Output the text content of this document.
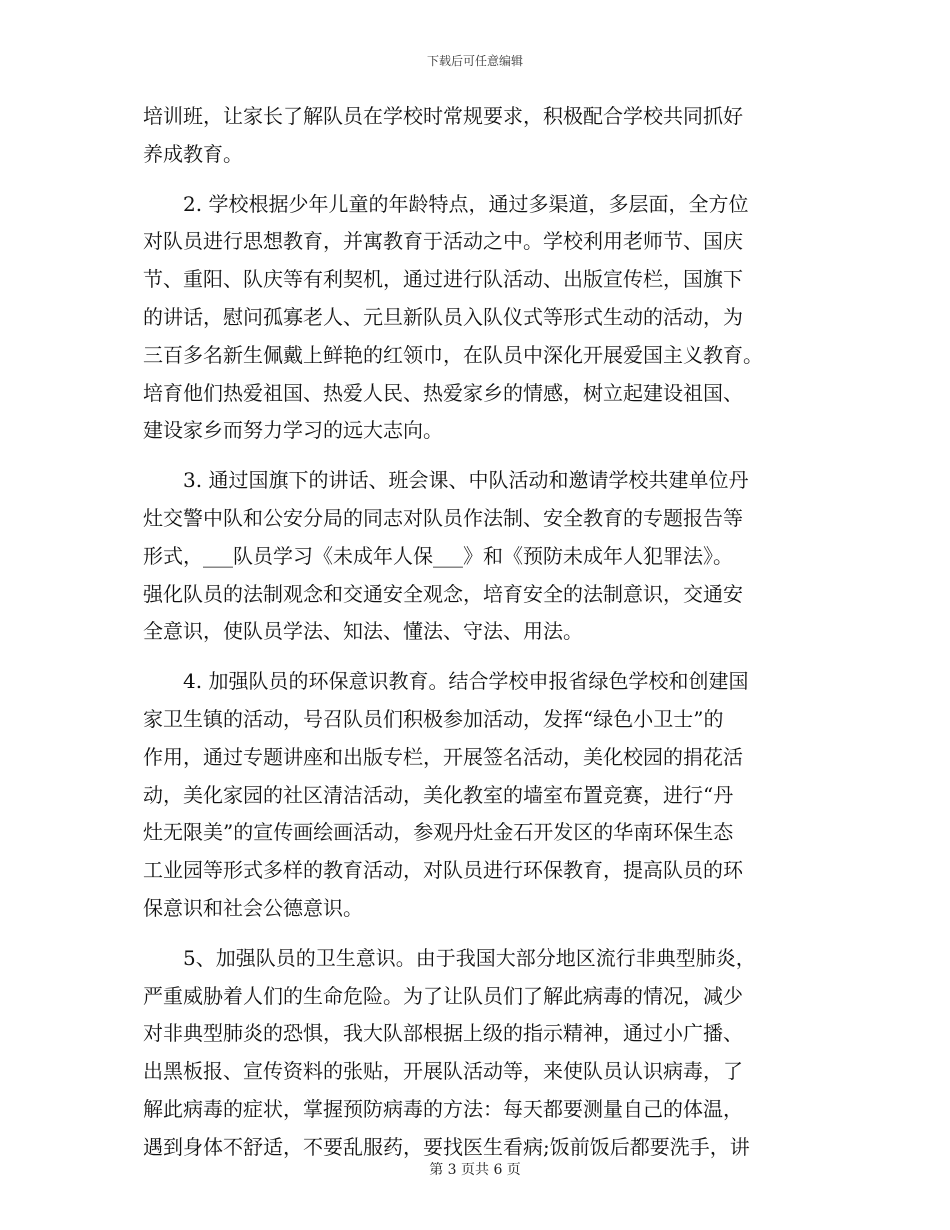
下载后可任意编辑
培训班，让家长了解队员在学校时常规要求，积极配合学校共同抓好
养成教育。
2. 学校根据少年儿童的年龄特点，通过多渠道，多层面，全方位
对队员进行思想教育，并寓教育于活动之中。学校利用老师节、国庆
节、重阳、队庆等有利契机，通过进行队活动、出版宣传栏，国旗下
的讲话，慰问孤寡老人、元旦新队员入队仪式等形式生动的活动，为
三百多名新生佩戴上鲜艳的红领巾，在队员中深化开展爱国主义教育。
培育他们热爱祖国、热爱人民、热爱家乡的情感，树立起建设祖国、
建设家乡而努力学习的远大志向。
3. 通过国旗下的讲话、班会课、中队活动和邀请学校共建单位丹
灶交警中队和公安分局的同志对队员作法制、安全教育的专题报告等
形式，___队员学习《未成年人保___》和《预防未成年人犯罪法》。
强化队员的法制观念和交通安全观念，培育安全的法制意识，交通安
全意识，使队员学法、知法、懂法、守法、用法。
4. 加强队员的环保意识教育。结合学校申报省绿色学校和创建国
家卫生镇的活动，号召队员们积极参加活动，发挥“绿色小卫士”的
作用，通过专题讲座和出版专栏，开展签名活动，美化校园的捐花活
动，美化家园的社区清洁活动，美化教室的墙室布置竞赛，进行“丹
灶无限美”的宣传画绘画活动，参观丹灶金石开发区的华南环保生态
工业园等形式多样的教育活动，对队员进行环保教育，提高队员的环
保意识和社会公德意识。
5、加强队员的卫生意识。由于我国大部分地区流行非典型肺炎，
严重威胁着人们的生命危险。为了让队员们了解此病毒的情况，减少
对非典型肺炎的恐惧，我大队部根据上级的指示精神，通过小广播、
出黑板报、宣传资料的张贴，开展队活动等，来使队员认识病毒，了
解此病毒的症状，掌握预防病毒的方法：每天都要测量自己的体温，
遇到身体不舒适，不要乱服药，要找医生看病;饭前饭后都要洗手，讲
第 3 页共 6 页
